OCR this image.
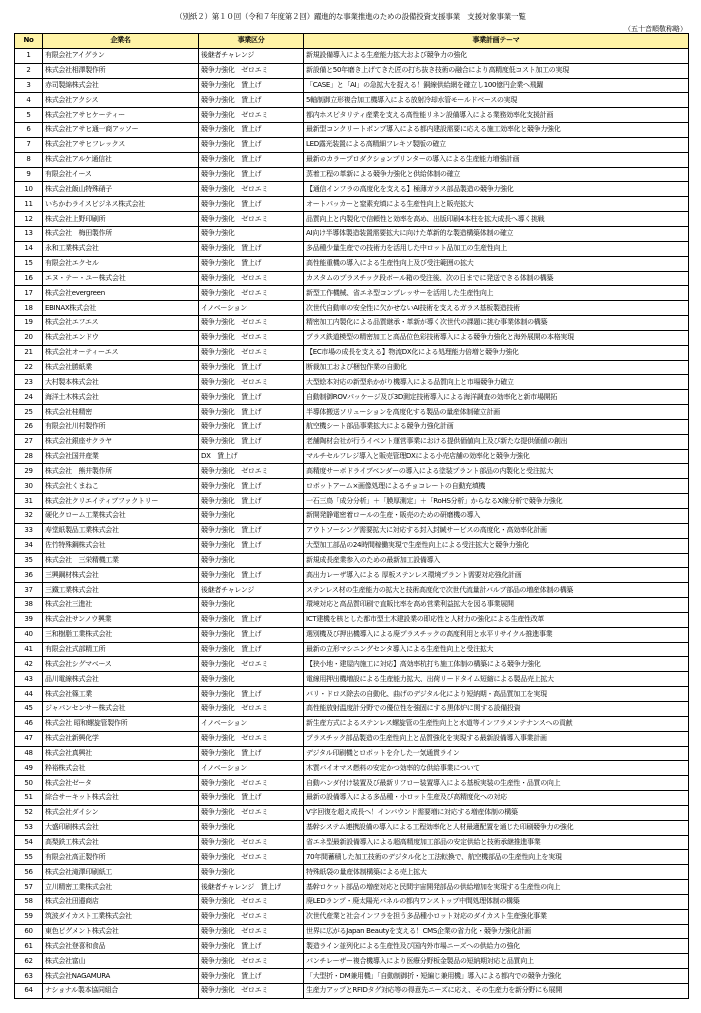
（別紙２）第１０回（令和７年度第２回）躍進的な事業推進のための設備投資支援事業　支援対象事業一覧
（五十音順敬称略）
No	企業名	事業区分	事業計画テーマ
1	有限会社アイグラン	後継者チャレンジ	新規設備導入による生産能力拡大および競争力の強化
2	株式会社相澤製作所	競争力強化　ゼロエミ	新設備と50年磨き上げてきた匠の打ち抜き技術の融合により高精度低コスト加工の実現
3	赤司製綿株式会社	競争力強化　賃上げ	「CASE」と「AI」の急拡大を捉える！銅線供給網を確立し100億円企業へ飛躍
4	株式会社アクシス	競争力強化　賃上げ	5軸制御立形複合加工機導入による放射冷却水管モールドベースの実現
5	株式会社アサヒケーティー	競争力強化　ゼロエミ	都内ホスピタリティ産業を支える高性能リネン設備導入による業務効率化支援計画
6	株式会社アサヒ通一商アッソー	競争力強化　賃上げ	最新型コンクリートポンプ導入による都内建設需要に応える施工効率化と競争力強化
7	株式会社アサヒフレックス	競争力強化　賃上げ	LED露光装置による高精細フレキソ製版の確立
8	株式会社アルケ通信社	競争力強化　賃上げ	最新のカラープロダクションプリンターの導入による生産能力増強計画
9	有限会社イース	競争力強化　賃上げ	蒸着工程の革新による競争力強化と供給体制の確立
10	株式会社飯山特殊硝子	競争力強化　ゼロエミ	【通信インフラの高度化を支える】極薄ガラス部品製造の競争力強化
11	いちかわライスビジネス株式会社	競争力強化　賃上げ	オートパッカーと窒素充填による生産性向上と販売拡大
12	株式会社上野印刷所	競争力強化　ゼロエミ	品質向上と内製化で信頼性と効率を高め、出版印刷4本柱を拡大成長へ導く挑戦
13	株式会社　梅田製作所	競争力強化	AI向け半導体製造装置需要拡大に向けた革新的な製造構築体制の確立
14	永和工業株式会社	競争力強化　賃上げ	多品種少量生産での技術力を活用した中ロット品加工の生産性向上
15	有限会社エクセル	競争力強化　賃上げ	高性能重機の導入による生産性向上及び受注範囲の拡大
16	エヌ・テー・ユー株式会社	競争力強化　ゼロエミ	カスタムのプラスチック段ボール箱の受注後、次の日までに発送できる体制の構築
17	株式会社evergreen	競争力強化　ゼロエミ	新型工作機械、省エネ型コンプレッサーを活用した生産性向上
18	EBINAX株式会社	イノベーション	次世代自動車の安全性に欠かせないAI技術を支えるガラス基板製造技術
19	株式会社エフエス	競争力強化　ゼロエミ	精密加工内製化による品質継承・革新が導く次世代の課題に挑む事業体制の構築
20	株式会社エンドウ	競争力強化　ゼロエミ	プラス鉄道模型の精密加工と高品位色彩技術導入による競争力強化と海外展開の本格実現
21	株式会社オーティーエス	競争力強化　ゼロエミ	【EC市場の成長を支える】物流DX化による処理能力倍増と競争力強化
22	株式会社勝紙業	競争力強化　賃上げ	断裁加工および梱包作業の自動化
23	大村製本株式会社	競争力強化　ゼロエミ	大型絵本対応の新型糸かがり機導入による品質向上と市場競争力確立
24	海洋土木株式会社	競争力強化　賃上げ	自動制御ROVパッケージ及び3D測定技術導入による海洋調査の効率化と新市場開拓
25	株式会社桂精密	競争力強化　賃上げ	半導体搬送ソリューションを高度化する製品の量産体制確立計画
26	有限会社川村製作所	競争力強化　賃上げ	航空機シート部品事業拡大による競争力強化計画
27	株式会社銀座サクラヤ	競争力強化　賃上げ	老舗陶材会社が行うイベント運営事業における提供価値向上及び新たな提供価値の創出
28	株式会社国井産業	DX　賃上げ	マルチセルフレジ導入と販売管理DXによる小売店舗の効率化と競争力強化
29	株式会社　熊井製作所	競争力強化　ゼロエミ	高精度サーボドライブベンダーの導入による塗装プラント部品の内製化と受注拡大
30	株式会社くまねこ	競争力強化　賃上げ	ロボットアーム×画像処理によるチョコレートの自動充填機
31	株式会社クリエイティブファクトリー	競争力強化　賃上げ	一石三鳥「成分分析」＋「膜厚測定」＋「RoHS分析」からなるX線分析で競争力強化
32	硬化クローム工業株式会社	競争力強化	新開発静電密着ロールの生産・販売のための研磨機の導入
33	寿堂紙製品工業株式会社	競争力強化　賃上げ	アウトソーシング需要拡大に対応する封入封緘サービスの高度化・高効率化計画
34	佐竹特殊鋼株式会社	競争力強化　賃上げ	大型加工部品の24時間稼働実現で生産性向上による受注拡大と競争力強化
35	株式会社　三栄精機工業	競争力強化	新規成長産業参入のための最新加工設備導入
36	三興鋼材株式会社	競争力強化　賃上げ	高出力レーザ導入による 厚板ステンレス環境プラント需要対応強化計画
37	三鐵工業株式会社	後継者チャレンジ	ステンレス材の生産能力の拡大と技術高度化で次世代流量計バルブ部品の増産体制の構築
38	株式会社三進社	競争力強化	環境対応と高品質印刷で直販比率を高め営業利益拡大を図る事業展開
39	株式会社サンノウ興業	競争力強化　賃上げ	ICT建機を核とした都市型土木建設業の即応性と人材力の強化による生産性改革
40	三和樹脂工業株式会社	競争力強化　賃上げ	選別機及び押出機導入による廃プラスチックの高度利用と水平リサイクル推進事業
41	有限会社式部精工所	競争力強化　賃上げ	最新の立形マシニングセンタ導入による生産性向上と受注拡大
42	株式会社シグマベース	競争力強化　ゼロエミ	【狭小地・建屋内施工に対応】高効率杭打ち施工体制の構築による競争力強化
43	品川電線株式会社	競争力強化	電線用押出機増設による生産能力拡大、出荷リードタイム短縮による製品売上拡大
44	株式会社篠工業	競争力強化　賃上げ	バリ・ドロス除去の自動化、曲げのデジタル化により短納期・高品質加工を実現
45	ジャパンセンサー株式会社	競争力強化　ゼロエミ	高性能放射温度計分野での優位性を強固にする黒体炉に関する設備投資
46	株式会社 昭和螺旋管製作所	イノベーション	新生産方式によるステンレス螺旋管の生産性向上と水道等インフラメンテナンスへの貢献
47	株式会社新興化学	競争力強化　ゼロエミ	プラスチック部品製造の生産性向上と品質強化を実現する最新設備導入事業計画
48	株式会社真興社	競争力強化　賃上げ	デジタル印刷機とロボットを介した一気通貫ライン
49	粋裕株式会社	イノベーション	木質バイオマス燃料の安定かつ効率的な供給事業について
50	株式会社ゼータ	競争力強化　ゼロエミ	自動ハンダ付け装置及び最新リフロー装置導入による基板実装の生産性・品質の向上
51	綜合サーキット株式会社	競争力強化　賃上げ	最新の設備導入による多品種・小ロット生産及び高精度化への対応
52	株式会社ダイシン	競争力強化　ゼロエミ	V字回復を超え成長へ！インバウンド需要増に対応する増産体制の構築
53	大盛印刷株式会社	競争力強化	基幹システム連携設備の導入による工程効率化と人材最適配置を通じた印刷競争力の強化
54	高梨鉄工株式会社	競争力強化　ゼロエミ	省エネ型最新設備導入による超高精度加工部品の安定供給と技術承継推進事業
55	有限会社高正製作所	競争力強化　ゼロエミ	70年間蓄積した加工技術のデジタル化と工法転換で、航空機部品の生産性向上を実現
56	株式会社滝澤印刷紙工	競争力強化	特殊紙袋の量産体制構築による売上拡大
57	立川精密工業株式会社	後継者チャレンジ　賃上げ	基幹ロケット部品の増産対応と民間宇宙開発部品の供給増加を実現する生産性の向上
58	株式会社田邉商店	競争力強化　ゼロエミ	廃LEDランプ・廃太陽光パネルの都内ワンストップ中間処理体制の構築
59	筑波ダイカスト工業株式会社	競争力強化　ゼロエミ	次世代産業と社会インフラを担う多品種小ロット対応のダイカスト生産強化事業
60	東色ピグメント株式会社	競争力強化　ゼロエミ	世界に広がるJapan Beautyを支える！CMS企業の省力化・競争力強化計画
61	株式会社登喜和食品	競争力強化　賃上げ	製造ライン並列化による生産性及び国内外市場ニーズへの供給力の強化
62	株式会社富山	競争力強化　ゼロエミ	パンチレーザー複合機導入により医療分野板金製品の短納期対応と品質向上
63	株式会社NAGAMURA	競争力強化　賃上げ	「大型折・DM兼用機」「自動制御折・短編じ兼用機」導入による都内での競争力強化
64	ナショナル製本協同組合	競争力強化　ゼロエミ	生産力アップとRFIDタグ対応等の得意先ニーズに応え、その生産力を新分野にも展開
